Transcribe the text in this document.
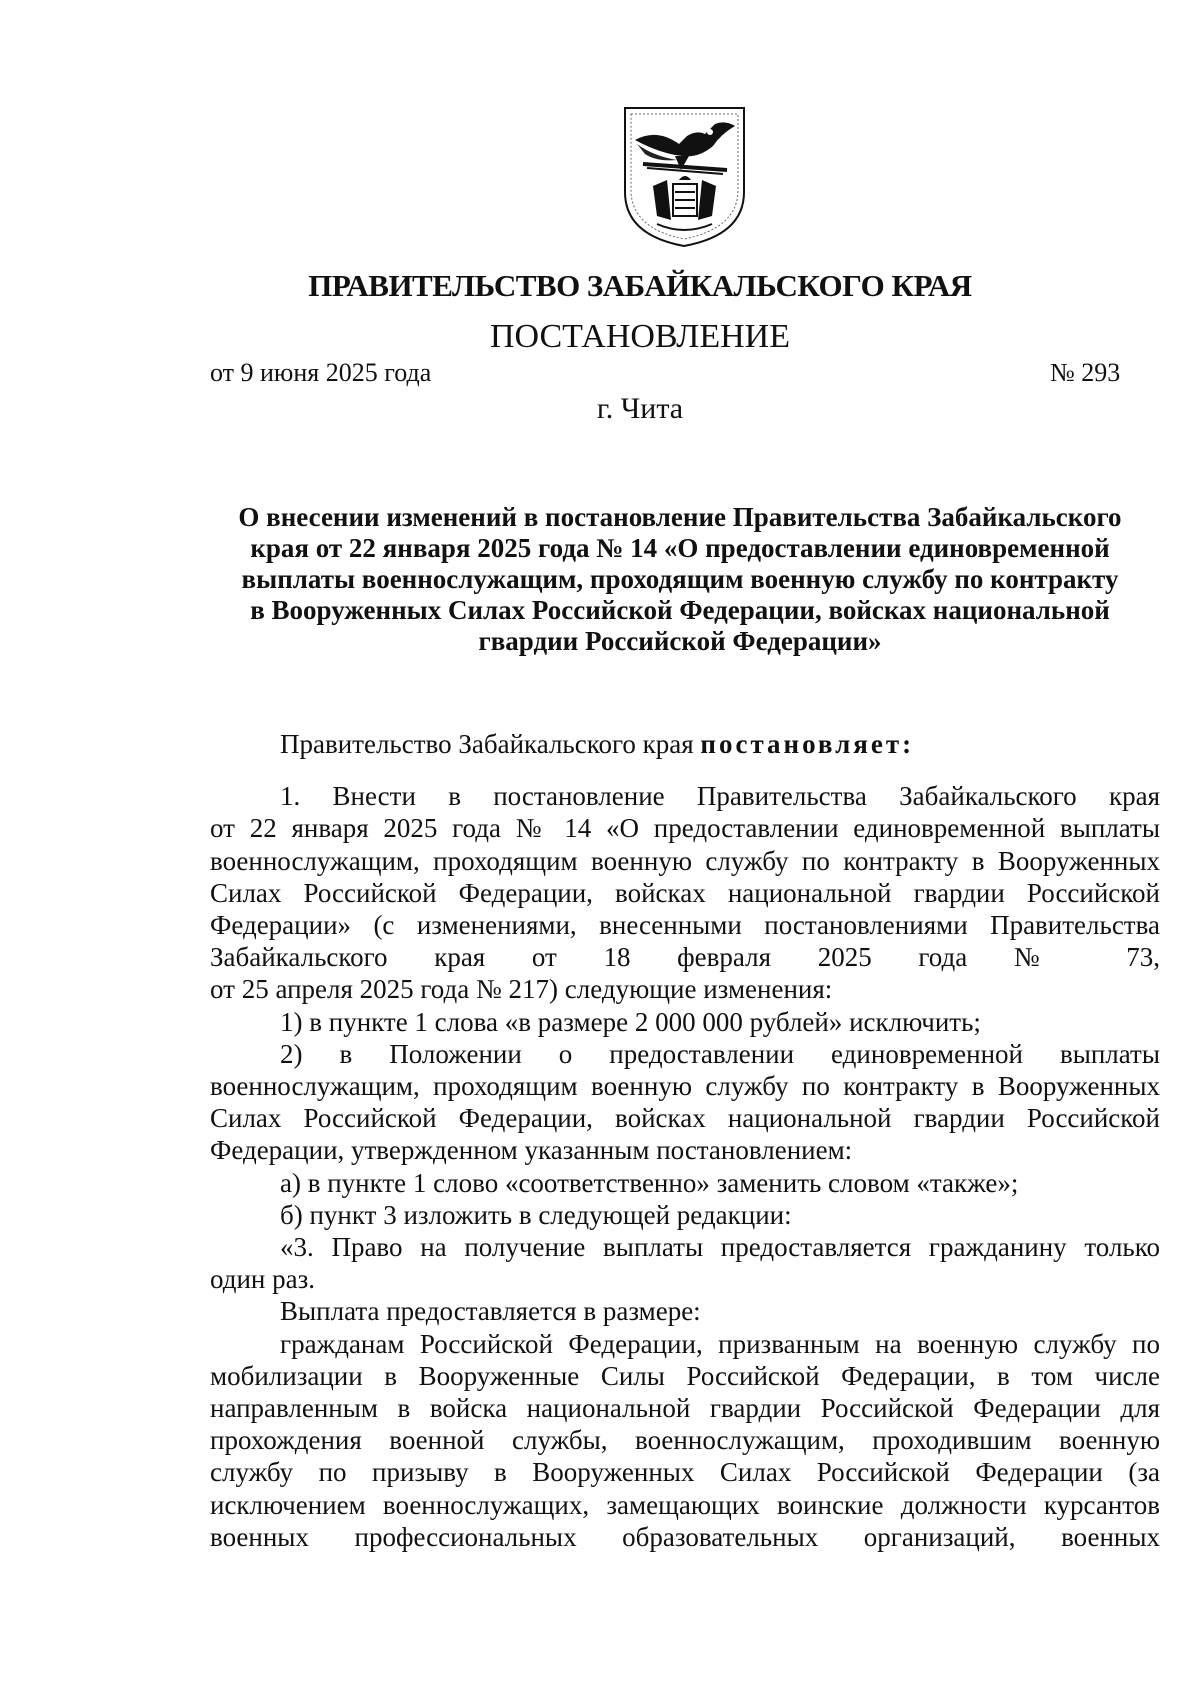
ПРАВИТЕЛЬСТВО ЗАБАЙКАЛЬСКОГО КРАЯ
ПОСТАНОВЛЕНИЕ
от 9 июня 2025 года	№ 293
г. Чита
О внесении изменений в постановление Правительства Забайкальского
края от 22 января 2025 года № 14 «О предоставлении единовременной
выплаты военнослужащим, проходящим военную службу по контракту
в Вооруженных Силах Российской Федерации, войсках национальной
гвардии Российской Федерации»
Правительство Забайкальского края постановляет:
1. Внести в постановление Правительства Забайкальского края
от 22 января 2025 года № 14 «О предоставлении единовременной выплаты
военнослужащим, проходящим военную службу по контракту в Вооруженных
Силах Российской Федерации, войсках национальной гвардии Российской
Федерации» (с изменениями, внесенными постановлениями Правительства
Забайкальского края от 18 февраля 2025 года № 73,
от 25 апреля 2025 года № 217) следующие изменения:
1) в пункте 1 слова «в размере 2 000 000 рублей» исключить;
2) в Положении о предоставлении единовременной выплаты
военнослужащим, проходящим военную службу по контракту в Вооруженных
Силах Российской Федерации, войсках национальной гвардии Российской
Федерации, утвержденном указанным постановлением:
а) в пункте 1 слово «соответственно» заменить словом «также»;
б) пункт 3 изложить в следующей редакции:
«3. Право на получение выплаты предоставляется гражданину только
один раз.
Выплата предоставляется в размере:
гражданам Российской Федерации, призванным на военную службу по
мобилизации в Вооруженные Силы Российской Федерации, в том числе
направленным в войска национальной гвардии Российской Федерации для
прохождения военной службы, военнослужащим, проходившим военную
службу по призыву в Вооруженных Силах Российской Федерации (за
исключением военнослужащих, замещающих воинские должности курсантов
военных профессиональных образовательных организаций, военных
